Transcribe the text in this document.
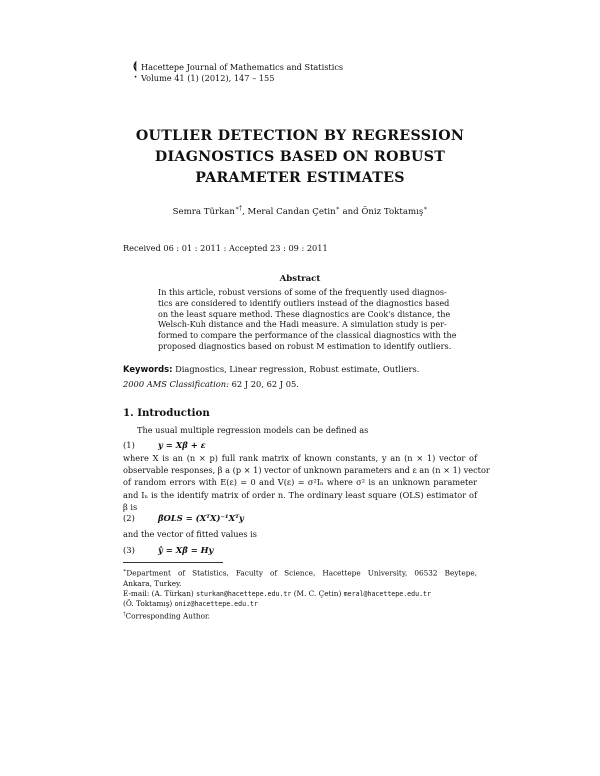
⟬
·
Hacettepe Journal of Mathematics and Statistics
Volume 41 (1) (2012), 147 – 155
OUTLIER DETECTION BY REGRESSION
DIAGNOSTICS BASED ON ROBUST
PARAMETER ESTIMATES
Semra Türkan∗†, Meral Candan Çetin∗ and Öniz Toktamış∗
Received 06 : 01 : 2011 : Accepted 23 : 09 : 2011
Abstract
In this article, robust versions of some of the frequently used diagnos-
tics are considered to identify outliers instead of the diagnostics based
on the least square method. These diagnostics are Cook's distance, the
Welsch-Kuh distance and the Hadi measure. A simulation study is per-
formed to compare the performance of the classical diagnostics with the
proposed diagnostics based on robust M estimation to identify outliers.
Keywords: Diagnostics, Linear regression, Robust estimate, Outliers.
2000 AMS Classification: 62 J 20, 62 J 05.
1. Introduction
The usual multiple regression models can be defined as
(1)	y = Xβ + ε
where X is an (n × p) full rank matrix of known constants, y an (n × 1) vector of
observable responses, β a (p × 1) vector of unknown parameters and ε an (n × 1) vector
of random errors with E(ε) = 0 and V(ε) = σ²Iₙ where σ² is an unknown parameter
and Iₙ is the identify matrix of order n. The ordinary least square (OLS) estimator of
β is
(2)	β̂OLS = (XᵀX)⁻¹Xᵀy
and the vector of fitted values is
(3)	ŷ = Xβ̂ = Hy
∗Department of Statistics, Faculty of Science, Hacettepe University, 06532 Beytepe,
Ankara, Turkey.
E-mail: (A. Türkan) sturkan@hacettepe.edu.tr (M. C. Çetin) meral@hacettepe.edu.tr
(Ö. Toktamış) oniz@hacettepe.edu.tr
†Corresponding Author.
